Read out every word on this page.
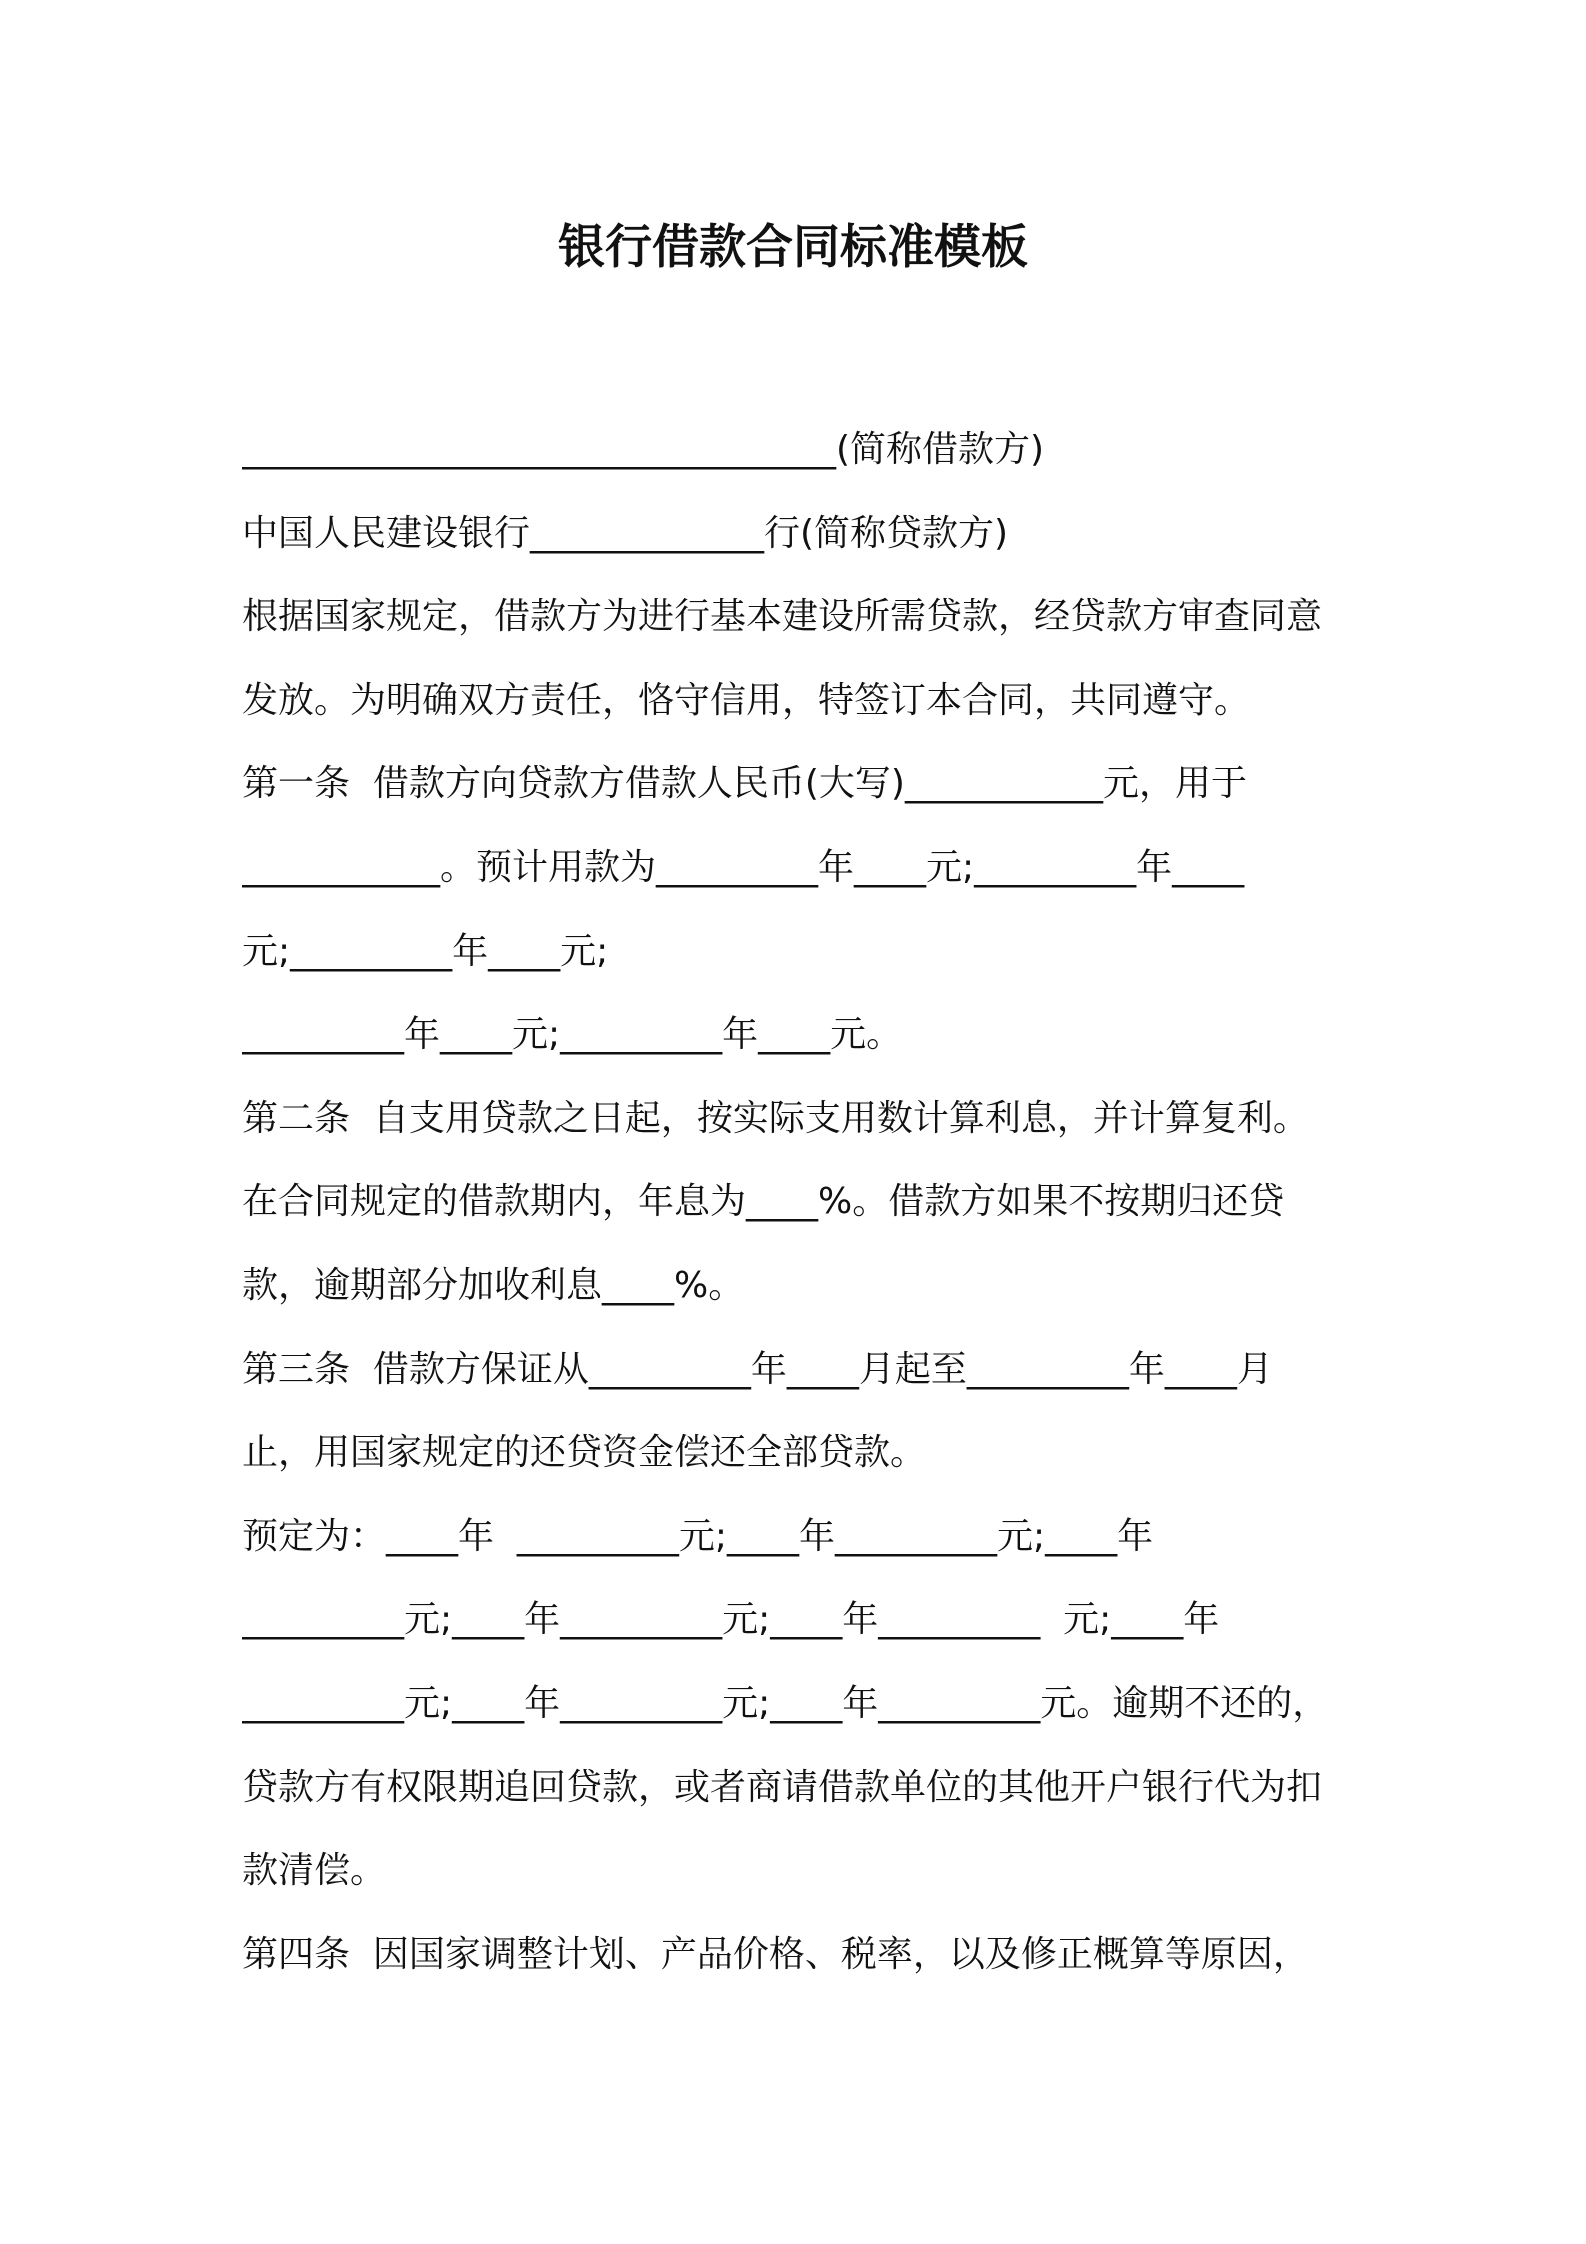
银行借款合同标准模板
_________________________________(简称借款方)
中国人民建设银行_____________行(简称贷款方)
根据国家规定，借款方为进行基本建设所需贷款，经贷款方审查同意
发放。为明确双方责任，恪守信用，特签订本合同，共同遵守。
第一条  借款方向贷款方借款人民币(大写)___________元，用于
___________。预计用款为_________年____元;_________年____
元;_________年____元;
_________年____元;_________年____元。
第二条  自支用贷款之日起，按实际支用数计算利息，并计算复利。
在合同规定的借款期内，年息为____%。借款方如果不按期归还贷
款，逾期部分加收利息____%。
第三条  借款方保证从_________年____月起至_________年____月
止，用国家规定的还贷资金偿还全部贷款。
预定为：____年  _________元;____年_________元;____年
_________元;____年_________元;____年_________  元;____年
_________元;____年_________元;____年_________元。逾期不还的，
贷款方有权限期追回贷款，或者商请借款单位的其他开户银行代为扣
款清偿。
第四条  因国家调整计划、产品价格、税率，以及修正概算等原因，
